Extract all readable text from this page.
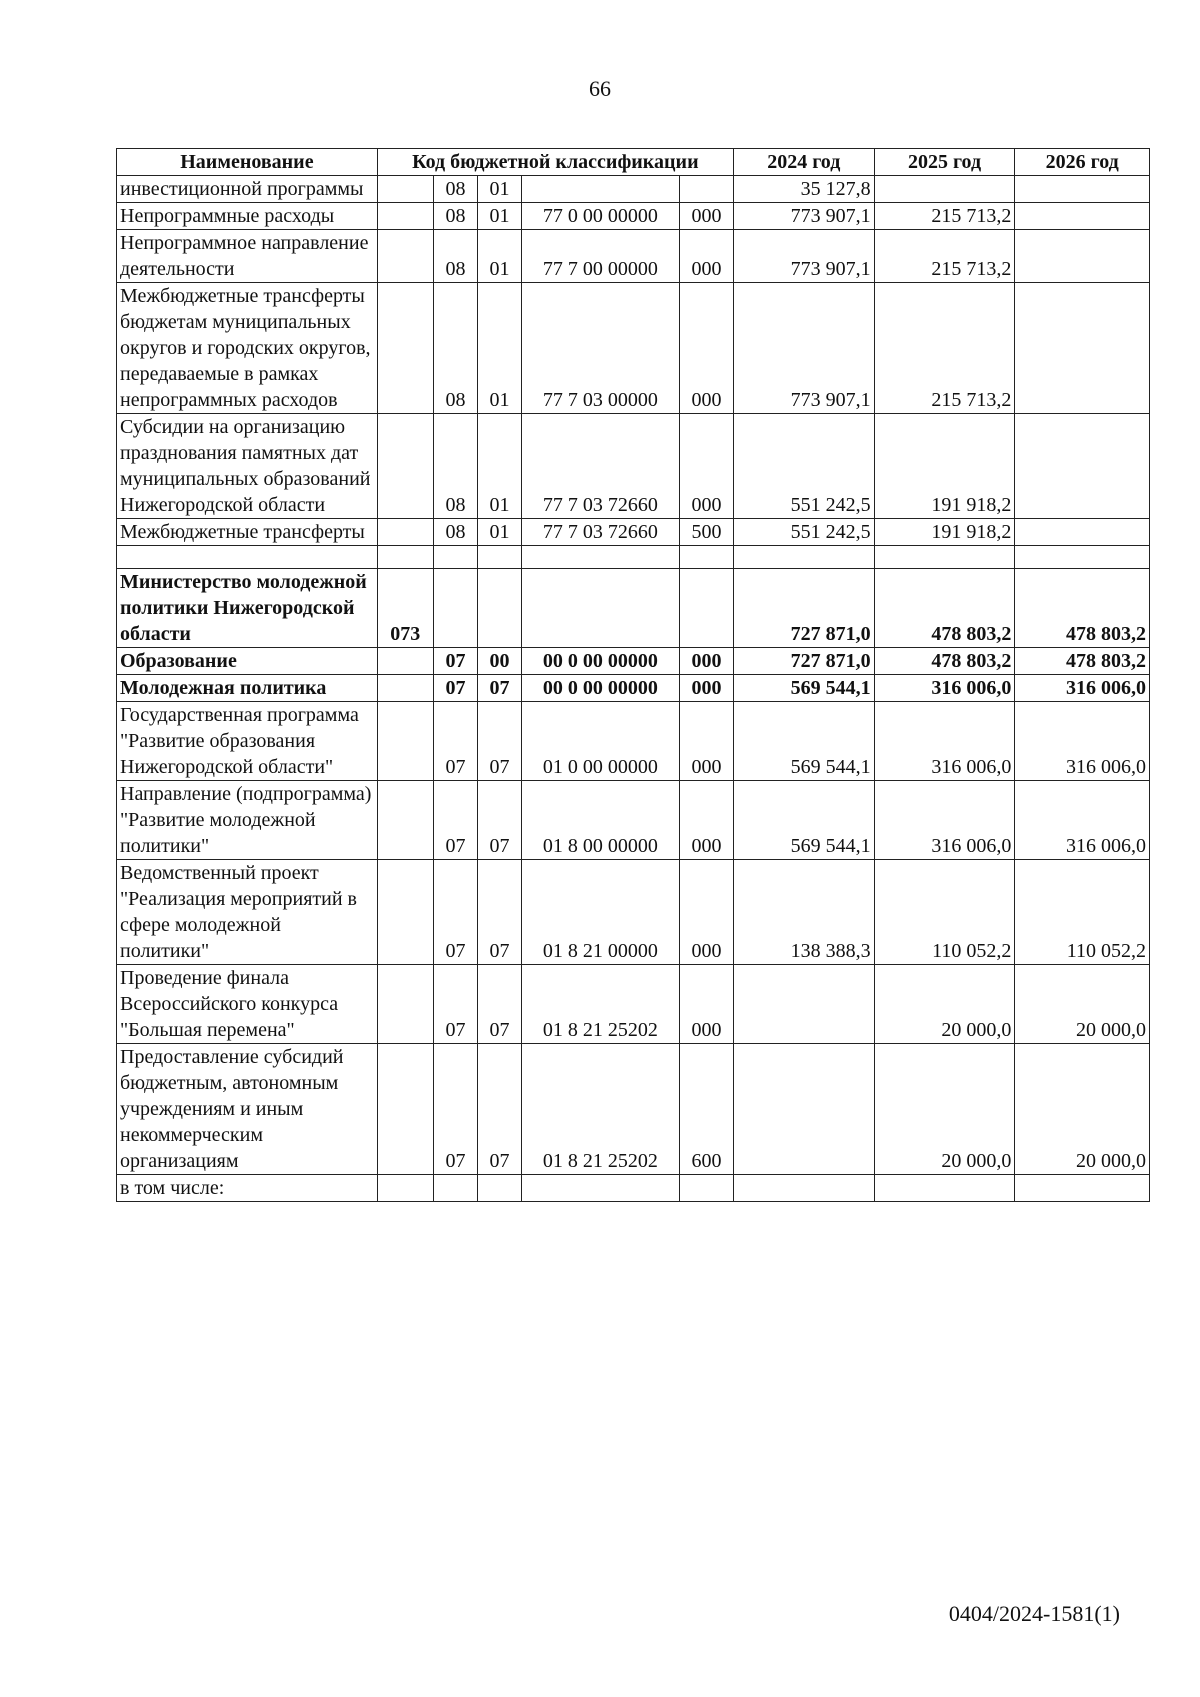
66
Наименование	Код бюджетной классификации					2024 год	2025 год	2026 год
инвестиционной программы		08	01			35 127,8		
Непрограммные расходы		08	01	77 0 00 00000	000	773 907,1	215 713,2	
Непрограммное направление деятельности		08	01	77 7 00 00000	000	773 907,1	215 713,2	
Межбюджетные трансферты бюджетам муниципальных округов и городских округов, передаваемые в рамках непрограммных расходов		08	01	77 7 03 00000	000	773 907,1	215 713,2	
Субсидии на организацию празднования памятных дат муниципальных образований Нижегородской области		08	01	77 7 03 72660	000	551 242,5	191 918,2	
Межбюджетные трансферты		08	01	77 7 03 72660	500	551 242,5	191 918,2	

Министерство молодежной политики Нижегородской области	073					727 871,0	478 803,2	478 803,2
Образование		07	00	00 0 00 00000	000	727 871,0	478 803,2	478 803,2
Молодежная политика		07	07	00 0 00 00000	000	569 544,1	316 006,0	316 006,0
Государственная программа "Развитие образования Нижегородской области"		07	07	01 0 00 00000	000	569 544,1	316 006,0	316 006,0
Направление (подпрограмма) "Развитие молодежной политики"		07	07	01 8 00 00000	000	569 544,1	316 006,0	316 006,0
Ведомственный проект "Реализация мероприятий в сфере молодежной политики"		07	07	01 8 21 00000	000	138 388,3	110 052,2	110 052,2
Проведение финала Всероссийского конкурса "Большая перемена"		07	07	01 8 21 25202	000		20 000,0	20 000,0
Предоставление субсидий бюджетным, автономным учреждениям и иным некоммерческим организациям		07	07	01 8 21 25202	600		20 000,0	20 000,0
в том числе:								
0404/2024-1581(1)
